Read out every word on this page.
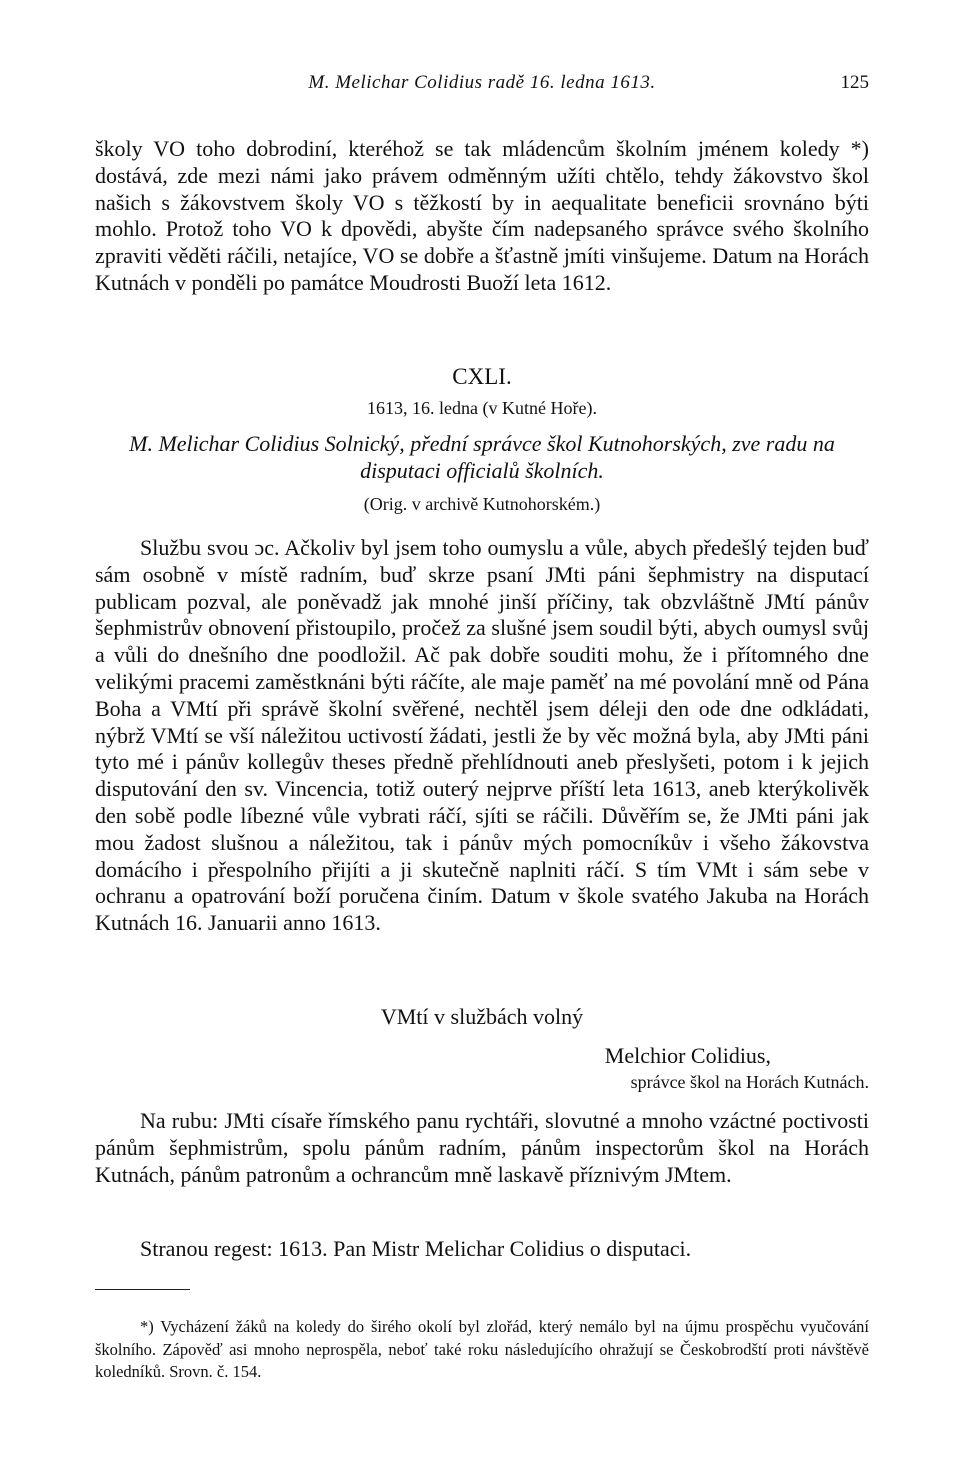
M. Melichar Colidius radě 16. ledna 1613.	125
školy VO toho dobrodiní, kteréhož se tak mládencům školním jménem koledy *) dostává, zde mezi námi jako právem odměnným užíti chtělo, tehdy žákovstvo škol našich s žákovstvem školy VO s těžkostí by in aequalitate beneficii srovnáno býti mohlo. Protož toho VO k dpovědi, abyšte čím nadepsaného správce svého školního zpraviti věděti ráčili, netajíce, VO se dobře a šťastně jmíti vinšujeme. Datum na Horách Kutnách v ponděli po památce Moudrosti Buoží leta 1612.
CXLI.
1613, 16. ledna (v Kutné Hoře).
M. Melichar Colidius Solnický, přední správce škol Kutnohorských, zve radu na disputaci officialů školních.
(Orig. v archivě Kutnohorském.)
Službu svou ɔc. Ačkoliv byl jsem toho oumyslu a vůle, abych předešlý tejden buď sám osobně v místě radním, buď skrze psaní JMti páni šephmistry na disputací publicam pozval, ale poněvadž jak mnohé jinší příčiny, tak obzvláštně JMtí pánův šephmistrův obnovení přistoupilo, pročež za slušné jsem soudil býti, abych oumysl svůj a vůli do dnešního dne poodložil. Ač pak dobře souditi mohu, že i přítomného dne velikými pracemi zaměstknáni býti ráčíte, ale maje paměť na mé povolání mně od Pána Boha a VMtí při správě školní svěřené, nechtěl jsem déleji den ode dne odkládati, nýbrž VMtí se vší náležitou uctivostí žádati, jestli že by věc možná byla, aby JMti páni tyto mé i pánův kollegův theses předně přehlídnouti aneb přeslyšeti, potom i k jejich disputování den sv. Vincencia, totiž outerý nejprve příští leta 1613, aneb kterýkolivěk den sobě podle líbezné vůle vybrati ráčí, sjíti se ráčili. Důvěřím se, že JMti páni jak mou žadost slušnou a náležitou, tak i pánův mých pomocníkův i všeho žákovstva domácího i přespolního přijíti a ji skutečně naplniti ráčí. S tím VMt i sám sebe v ochranu a opatrování boží poručena činím. Datum v škole svatého Jakuba na Horách Kutnách 16. Januarii anno 1613.
VMtí v službách volný
Melchior Colidius,
správce škol na Horách Kutnách.
Na rubu: JMti císaře římského panu rychtáři, slovutné a mnoho vzáctné poctivosti pánům šephmistrům, spolu pánům radním, pánům inspectorům škol na Horách Kutnách, pánům patronům a ochrancům mně laskavě příznivým JMtem.
Stranou regest: 1613. Pan Mistr Melichar Colidius o disputaci.
*) Vycházení žáků na koledy do širého okolí byl zlořád, který nemálo byl na újmu prospěchu vyučování školního. Zápověď asi mnoho neprospěla, neboť také roku následujícího ohražují se Českobrodští proti návštěvě koledníků. Srovn. č. 154.
